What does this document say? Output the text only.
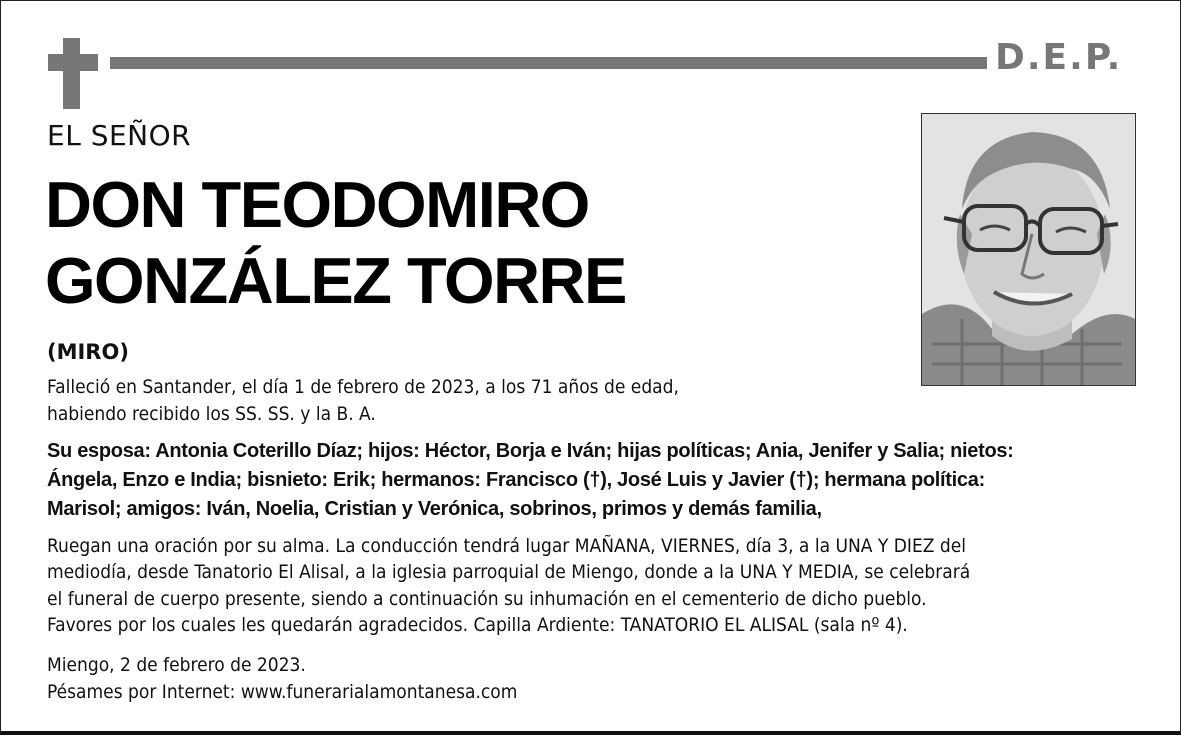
D.E.P.
EL SEÑOR
DON TEODOMIRO
GONZÁLEZ TORRE
(MIRO)
Falleció en Santander, el día 1 de febrero de 2023, a los 71 años de edad,
habiendo recibido los SS. SS. y la B. A.
Su esposa: Antonia Coterillo Díaz; hijos: Héctor, Borja e Iván; hijas políticas; Ania, Jenifer y Salia; nietos:
Ángela, Enzo e India; bisnieto: Erik; hermanos: Francisco (†), José Luis y Javier (†); hermana política:
Marisol; amigos: Iván, Noelia, Cristian y Verónica, sobrinos, primos y demás familia,
Ruegan una oración por su alma. La conducción tendrá lugar MAÑANA, VIERNES, día 3, a la UNA Y DIEZ del
mediodía, desde Tanatorio El Alisal, a la iglesia parroquial de Miengo, donde a la UNA Y MEDIA, se celebrará
el funeral de cuerpo presente, siendo a continuación su inhumación en el cementerio de dicho pueblo.
Favores por los cuales les quedarán agradecidos. Capilla Ardiente: TANATORIO EL ALISAL (sala nº 4).
Miengo, 2 de febrero de 2023.
Pésames por Internet: www.funerarialamontanesa.com
